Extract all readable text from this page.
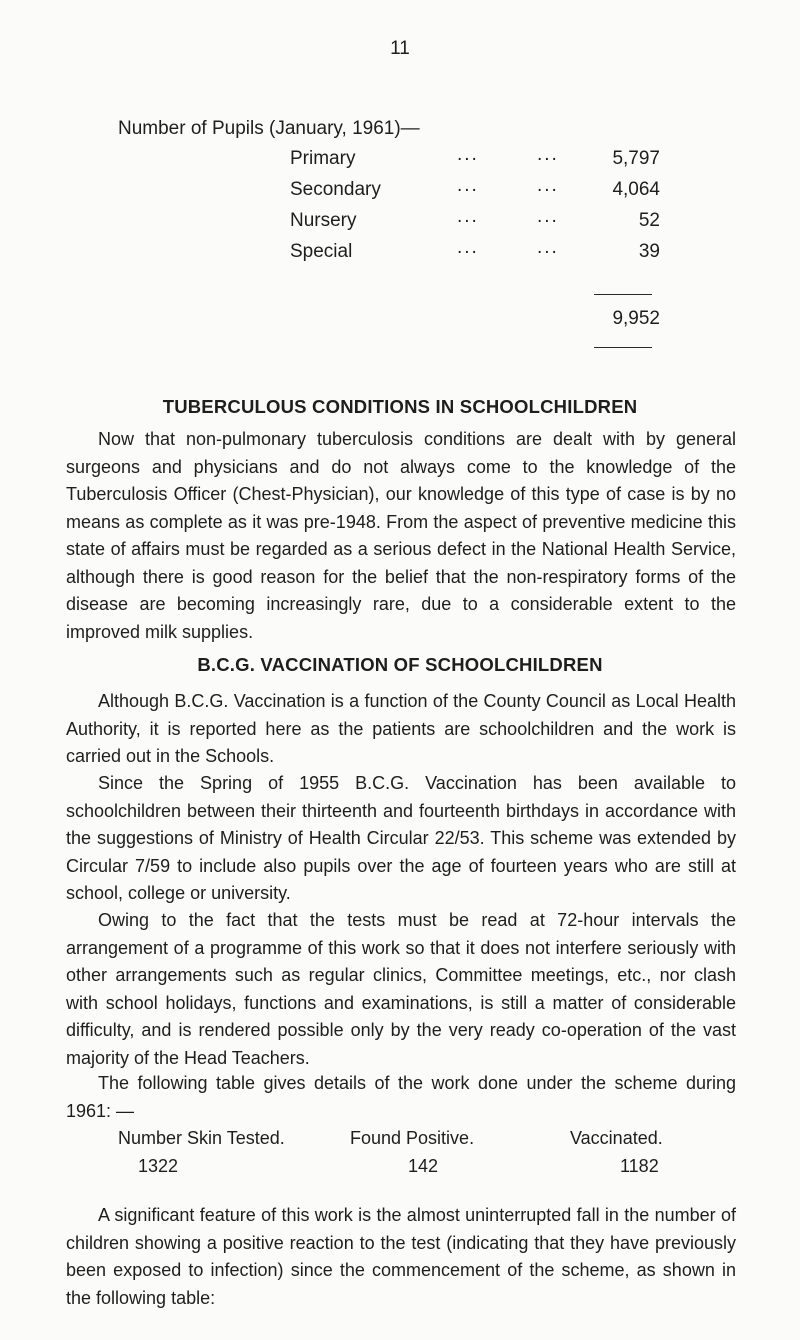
11
Number of Pupils (January, 1961)—
Primary	...	...	5,797
Secondary	...	...	4,064
Nursery	...	...	52
Special	...	...	39
9,952
TUBERCULOUS CONDITIONS IN SCHOOLCHILDREN

Now that non-pulmonary tuberculosis conditions are dealt with by general surgeons and physicians and do not always come to the knowledge of the Tuberculosis Officer (Chest-Physician), our knowledge of this type of case is by no means as complete as it was pre-1948. From the aspect of preventive medicine this state of affairs must be regarded as a serious defect in the National Health Service, although there is good reason for the belief that the non-respiratory forms of the disease are becoming increasingly rare, due to a considerable extent to the improved milk supplies.

B.C.G. VACCINATION OF SCHOOLCHILDREN

Although B.C.G. Vaccination is a function of the County Council as Local Health Authority, it is reported here as the patients are schoolchildren and the work is carried out in the Schools.

Since the Spring of 1955 B.C.G. Vaccination has been available to schoolchildren between their thirteenth and fourteenth birthdays in accordance with the suggestions of Ministry of Health Circular 22/53. This scheme was extended by Circular 7/59 to include also pupils over the age of fourteen years who are still at school, college or university.

Owing to the fact that the tests must be read at 72-hour intervals the arrangement of a programme of this work so that it does not interfere seriously with other arrangements such as regular clinics, Committee meetings, etc., nor clash with school holidays, functions and examinations, is still a matter of considerable difficulty, and is rendered possible only by the very ready co-operation of the vast majority of the Head Teachers.

The following table gives details of the work done under the scheme during 1961: —

Number Skin Tested.	Found Positive.	Vaccinated.
1322	142	1182

A significant feature of this work is the almost uninterrupted fall in the number of children showing a positive reaction to the test (indicating that they have previously been exposed to infection) since the commencement of the scheme, as shown in the following table:
